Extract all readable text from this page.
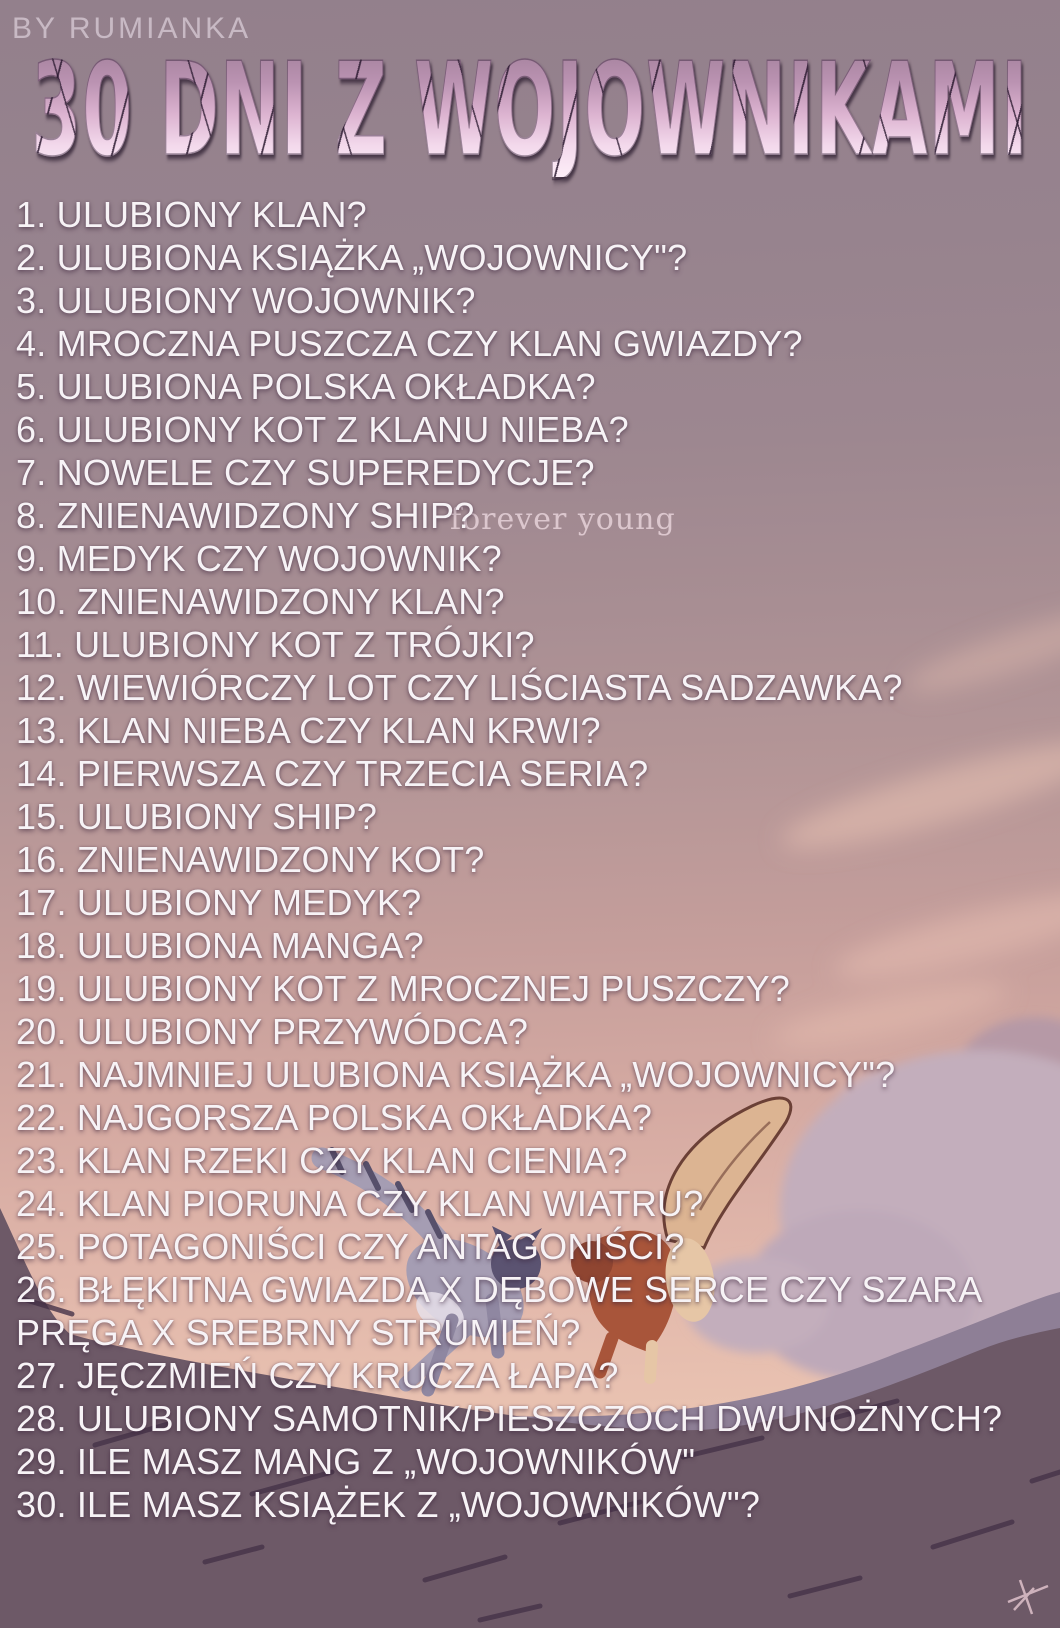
BY RUMIANKA
30 DNI Z WOJOWNIKAMI
forever young
1. ULUBIONY KLAN?
2. ULUBIONA KSIĄŻKA „WOJOWNICY"?
3. ULUBIONY WOJOWNIK?
4. MROCZNA PUSZCZA CZY KLAN GWIAZDY?
5. ULUBIONA POLSKA OKŁADKA?
6. ULUBIONY KOT Z KLANU NIEBA?
7. NOWELE CZY SUPEREDYCJE?
8. ZNIENAWIDZONY SHIP?
9. MEDYK CZY WOJOWNIK?
10. ZNIENAWIDZONY KLAN?
11. ULUBIONY KOT Z TRÓJKI?
12. WIEWIÓRCZY LOT CZY LIŚCIASTA SADZAWKA?
13. KLAN NIEBA CZY KLAN KRWI?
14. PIERWSZA CZY TRZECIA SERIA?
15. ULUBIONY SHIP?
16. ZNIENAWIDZONY KOT?
17. ULUBIONY MEDYK?
18. ULUBIONA MANGA?
19. ULUBIONY KOT Z MROCZNEJ PUSZCZY?
20. ULUBIONY PRZYWÓDCA?
21. NAJMNIEJ ULUBIONA KSIĄŻKA „WOJOWNICY"?
22. NAJGORSZA POLSKA OKŁADKA?
23. KLAN RZEKI CZY KLAN CIENIA?
24. KLAN PIORUNA CZY KLAN WIATRU?
25. POTAGONIŚCI CZY ANTAGONIŚCI?
26. BŁĘKITNA GWIAZDA X DĘBOWE SERCE CZY SZARA PRĘGA X SREBRNY STRUMIEŃ?
27. JĘCZMIEŃ CZY KRUCZA ŁAPA?
28. ULUBIONY SAMOTNIK/PIESZCZOCH DWUNOŻNYCH?
29. ILE MASZ MANG Z „WOJOWNIKÓW"
30. ILE MASZ KSIĄŻEK Z „WOJOWNIKÓW"?
